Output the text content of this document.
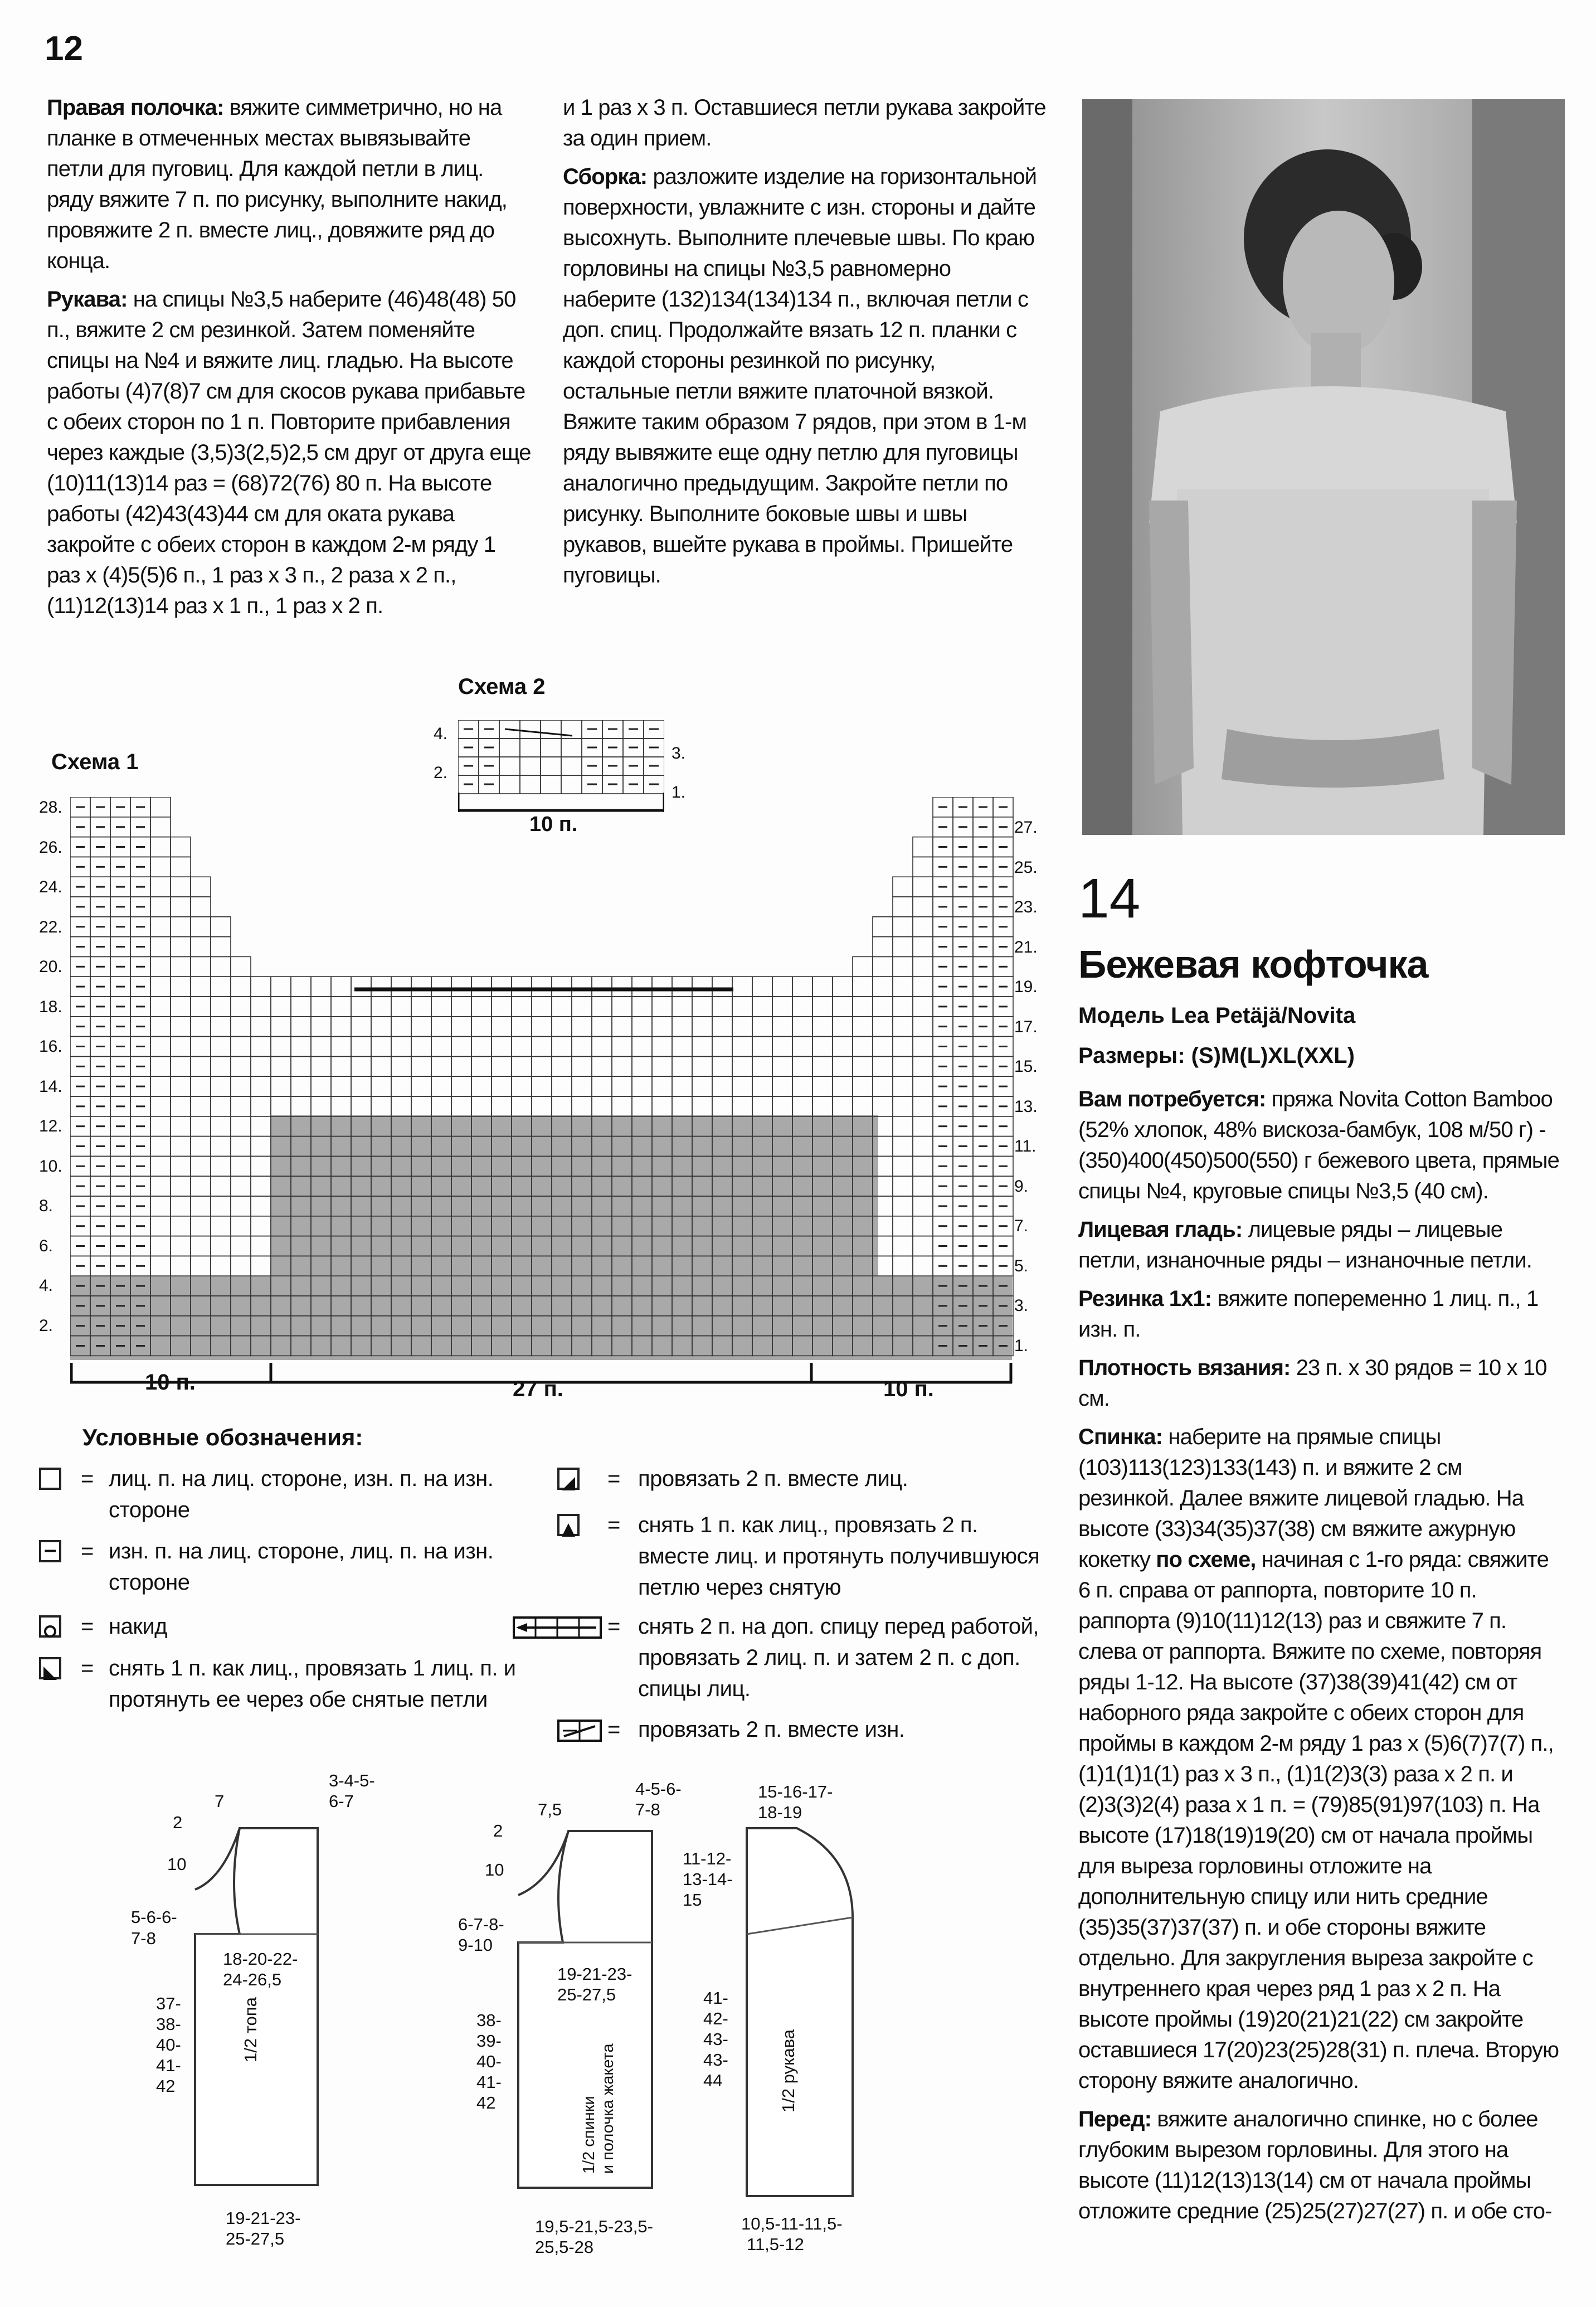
12

Правая полочка: вяжите симметрично, но на планке в отмеченных местах вывязывайте петли для пуговиц. Для каждой петли в лиц. ряду вяжите 7 п. по рисунку, выполните накид, провяжите 2 п. вместе лиц., довяжите ряд до конца.

Рукава: на спицы №3,5 наберите (46)48(48) 50 п., вяжите 2 см резинкой. Затем поменяйте спицы на №4 и вяжите лиц. гладью. На высоте работы (4)7(8)7 см для скосов рукава прибавьте с обеих сторон по 1 п. Повторите прибавления через каждые (3,5)3(2,5)2,5 см друг от друга еще (10)11(13)14 раз = (68)72(76) 80 п. На высоте работы (42)43(43)44 см для оката рукава закройте с обеих сторон в каждом 2-м ряду 1 раз х (4)5(5)6 п., 1 раз х 3 п., 2 раза х 2 п., (11)12(13)14 раз х 1 п., 1 раз х 2 п.

и 1 раз х 3 п. Оставшиеся петли рукава закройте за один прием.

Сборка: разложите изделие на горизонтальной поверхности, увлажните с изн. стороны и дайте высохнуть. Выполните плечевые швы. По краю горловины на спицы №3,5 равномерно наберите (132)134(134)134 п., включая петли с доп. спиц. Продолжайте вязать 12 п. планки с каждой стороны резинкой по рисунку, остальные петли вяжите платочной вязкой. Вяжите таким образом 7 рядов, при этом в 1-м ряду вывяжите еще одну петлю для пуговицы аналогично предыдущим. Закройте петли по рисунку. Выполните боковые швы и швы рукавов, вшейте рукава в проймы. Пришейте пуговицы.

14
Бежевая кофточка
Модель Lea Petäjä/Novita
Размеры: (S)M(L)XL(XXL)

Вам потребуется: пряжа Novita Cotton Bamboo (52% хлопок, 48% вискоза-бамбук, 108 м/50 г) - (350)400(450)500(550) г бежевого цвета, прямые спицы №4, круговые спицы №3,5 (40 см).

Лицевая гладь: лицевые ряды – лицевые петли, изнаночные ряды – изнаночные петли.

Резинка 1х1: вяжите попеременно 1 лиц. п., 1 изн. п.

Плотность вязания: 23 п. х 30 рядов = 10 х 10 см.

Спинка: наберите на прямые спицы (103)113(123)133(143) п. и вяжите 2 см резинкой. Далее вяжите лицевой гладью. На высоте (33)34(35)37(38) см вяжите ажурную кокетку по схеме, начиная с 1-го ряда: свяжите 6 п. справа от раппорта, повторите 10 п. раппорта (9)10(11)12(13) раз и свяжите 7 п. слева от раппорта. Вяжите по схеме, повторяя ряды 1-12. На высоте (37)38(39)41(42) см от наборного ряда закройте с обеих сторон для проймы в каждом 2-м ряду 1 раз х (5)6(7)7(7) п., (1)1(1)1(1) раз х 3 п., (1)1(2)3(3) раза х 2 п. и (2)3(3)2(4) раза х 1 п. = (79)85(91)97(103) п. На высоте (17)18(19)19(20) см от начала проймы для выреза горловины отложите на дополнительную спицу или нить средние (35)35(37)37(37) п. и обе стороны вяжите отдельно. Для закругления выреза закройте с внутреннего края через ряд 1 раз х 2 п. На высоте проймы (19)20(21)21(22) см закройте оставшиеся 17(20)23(25)28(31) п. плеча. Вторую сторону вяжите аналогично.

Перед: вяжите аналогично спинке, но с более глубоким вырезом горловины. Для этого на высоте (11)12(13)13(14) см от начала проймы отложите средние (25)25(27)27(27) п. и обе сто-

Схема 2
4.
2.
3.
1.
10 п.
Схема 1
28.
26.
24.
22.
20.
18.
16.
14.
12.
10.
8.
6.
4.
2.
27.
25.
23.
21.
19.
17.
15.
13.
11.
9.
7.
5.
3.
1.
10 п.	27 п.	10 п.
Условные обозначения:
= лиц. п. на лиц. стороне, изн. п. на изн. стороне
– = изн. п. на лиц. стороне, лиц. п. на изн. стороне
= накид
= снять 1 п. как лиц., провязать 1 лиц. п. и протянуть ее через обе снятые петли
= провязать 2 п. вместе лиц.
= снять 1 п. как лиц., провязать 2 п. вместе лиц. и протянуть получившуюся петлю через снятую
= снять 2 п. на доп. спицу перед работой, провязать 2 лиц. п. и затем 2 п. с доп. спицы лиц.
= провязать 2 п. вместе изн.
3-4-5-
6-7
7
2
10
5-6-6-
7-8
18-20-22-
24-26,5
37-
38-
40-
41-
42
1/2 топа
19-21-23-
25-27,5
4-5-6-
7-8
7,5
2
10
6-7-8-
9-10
19-21-23-
25-27,5
38-
39-
40-
41-
42	1/2 спинки и полочка жакета
19,5-21,5-23,5-
25,5-28
15-16-17-
18-19
11-12-
13-14-
15
41-
42-
43-
43-
44	1/2 рукава
10,5-11-11,5-
11,5-12
